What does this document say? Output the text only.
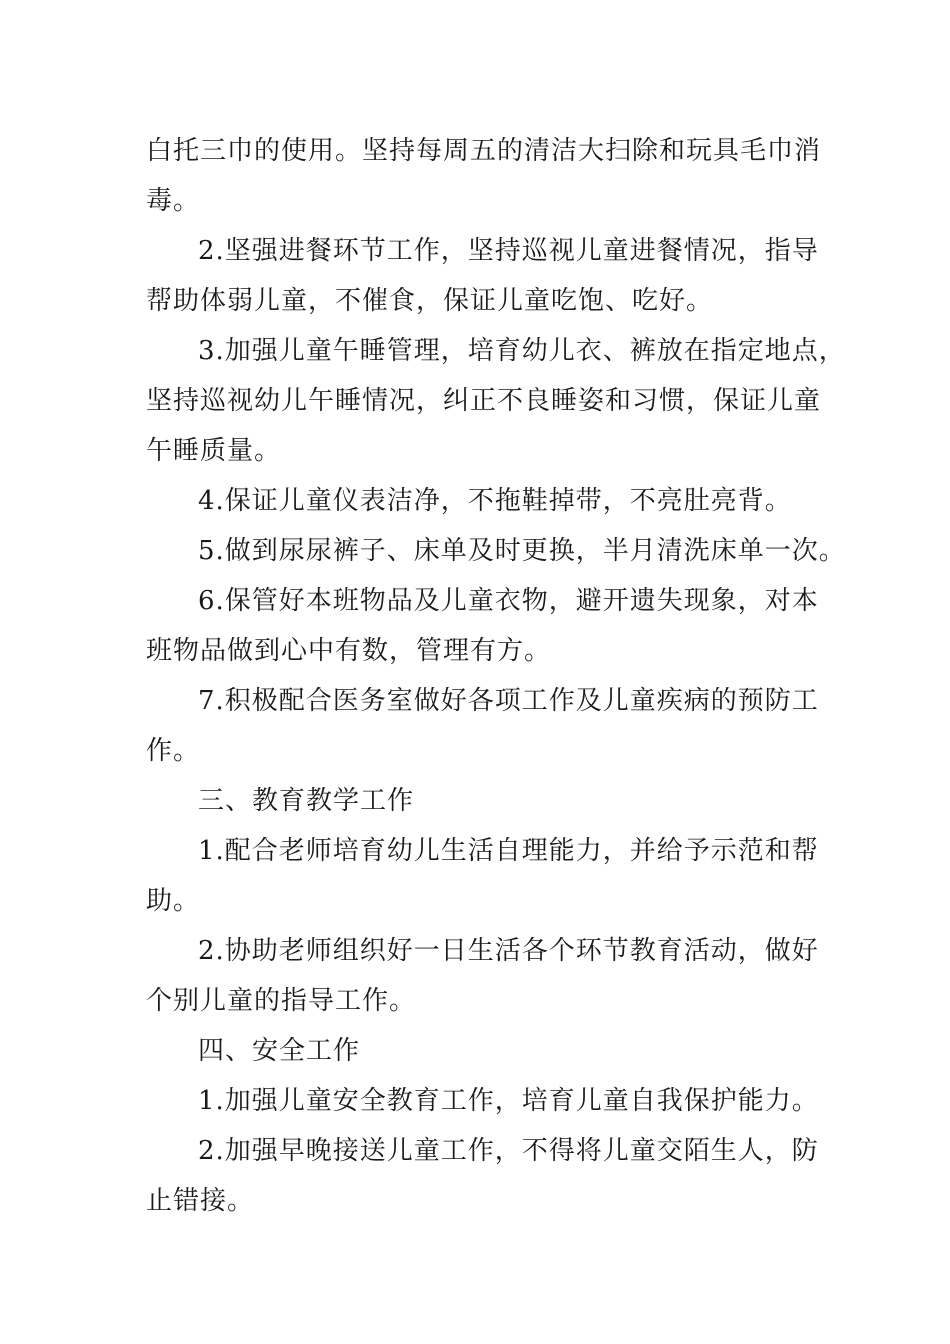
白托三巾的使用。坚持每周五的清洁大扫除和玩具毛巾消
毒。
2.坚强进餐环节工作，坚持巡视儿童进餐情况，指导
帮助体弱儿童，不催食，保证儿童吃饱、吃好。
3.加强儿童午睡管理，培育幼儿衣、裤放在指定地点，
坚持巡视幼儿午睡情况，纠正不良睡姿和习惯，保证儿童
午睡质量。
4.保证儿童仪表洁净，不拖鞋掉带，不亮肚亮背。
5.做到尿尿裤子、床单及时更换，半月清洗床单一次。
6.保管好本班物品及儿童衣物，避开遗失现象，对本
班物品做到心中有数，管理有方。
7.积极配合医务室做好各项工作及儿童疾病的预防工
作。
三、教育教学工作
1.配合老师培育幼儿生活自理能力，并给予示范和帮
助。
2.协助老师组织好一日生活各个环节教育活动，做好
个别儿童的指导工作。
四、安全工作
1.加强儿童安全教育工作，培育儿童自我保护能力。
2.加强早晚接送儿童工作，不得将儿童交陌生人，防
止错接。
